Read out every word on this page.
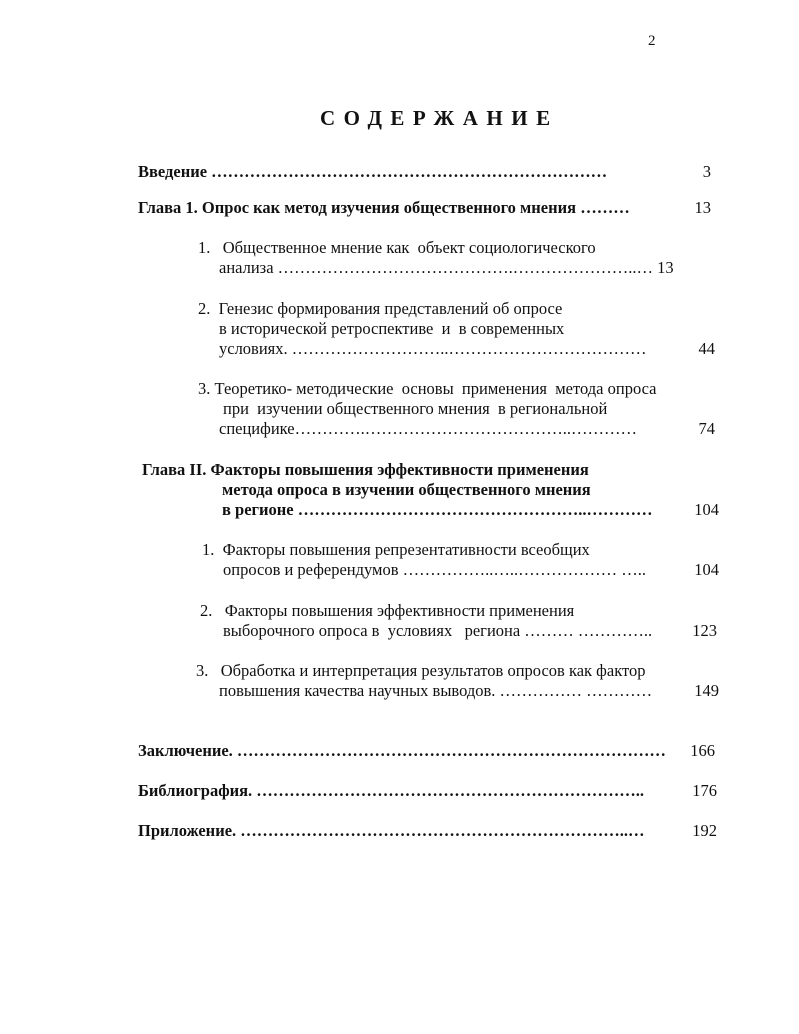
2
СОДЕРЖАНИЕ
Введение ………………………………………………………………	3
Глава 1. Опрос как метод изучения общественного мнения ………	13
1.   Общественное мнение как  объект социологического
анализа …………………………………….…………………..… 13
2.  Генезис формирования представлений об опросе
в исторической ретроспективе  и  в современных
условиях. ………………………..………………………………	44
3. Теоретико- методические  основы  применения  метода опроса
при  изучении общественного мнения  в региональной
специфике………….………………………………..…………	74
Глава II. Факторы повышения эффективности применения
метода опроса в изучении общественного мнения
в регионе ……………………………………………..…………	104
1.  Факторы повышения репрезентативности всеобщих
опросов и референдумов ……………..…..……………… …..	104
2.   Факторы повышения эффективности применения
выборочного опроса в  условиях   региона ……… ………….. 123
3.   Обработка и интерпретация результатов опросов как фактор
повышения качества научных выводов. …………… …………	149
Заключение. …………………………………………………………………… 166
Библиография. ……………………………………………………………..	176
Приложение. ……………………………………………………………..…	192
